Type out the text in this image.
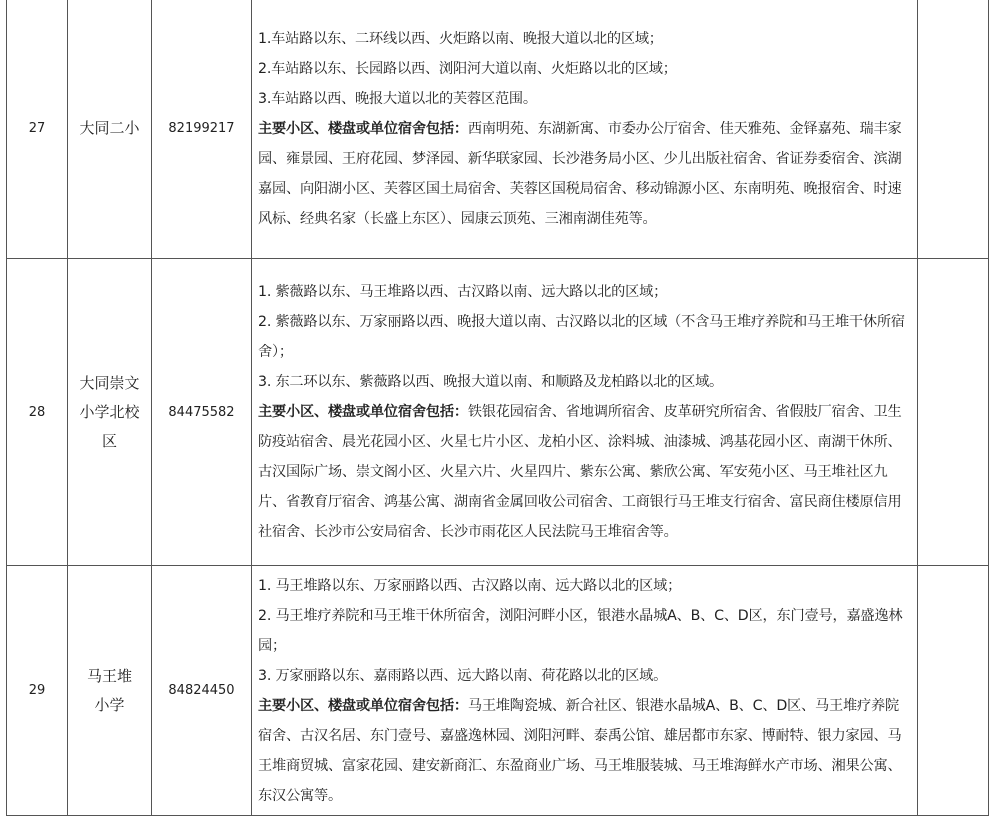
27	大同二小	82199217	1.车站路以东、二环线以西、火炬路以南、晚报大道以北的区域；

2.车站路以东、长园路以西、浏阳河大道以南、火炬路以北的区域；

3.车站路以西、晚报大道以北的芙蓉区范围。

主要小区、楼盘或单位宿舍包括：西南明苑、东湖新寓、市委办公厅宿舍、佳天雅苑、金铎嘉苑、瑞丰家园、雍景园、王府花园、梦泽园、新华联家园、长沙港务局小区、少儿出版社宿舍、省证券委宿舍、滨湖嘉园、向阳湖小区、芙蓉区国土局宿舍、芙蓉区国税局宿舍、移动锦源小区、东南明苑、晚报宿舍、时速风标、经典名家（长盛上东区）、园康云顶苑、三湘南湖佳苑等。	

28	大同崇文小学北校区	84475582	1. 紫薇路以东、马王堆路以西、古汉路以南、远大路以北的区域；

2. 紫薇路以东、万家丽路以西、晚报大道以南、古汉路以北的区域（不含马王堆疗养院和马王堆干休所宿舍）；

3. 东二环以东、紫薇路以西、晚报大道以南、和顺路及龙柏路以北的区域。

主要小区、楼盘或单位宿舍包括：铁银花园宿舍、省地调所宿舍、皮革研究所宿舍、省假肢厂宿舍、卫生防疫站宿舍、晨光花园小区、火星七片小区、龙柏小区、涂料城、油漆城、鸿基花园小区、南湖干休所、古汉国际广场、崇文阁小区、火星六片、火星四片、紫东公寓、紫欣公寓、军安苑小区、马王堆社区九片、省教育厅宿舍、鸿基公寓、湖南省金属回收公司宿舍、工商银行马王堆支行宿舍、富民商住楼原信用社宿舍、长沙市公安局宿舍、长沙市雨花区人民法院马王堆宿舍等。	

29	马王堆小学	84824450	1. 马王堆路以东、万家丽路以西、古汉路以南、远大路以北的区域；

2. 马王堆疗养院和马王堆干休所宿舍，浏阳河畔小区，银港水晶城A、B、C、D区，东门壹号，嘉盛逸林园；

3. 万家丽路以东、嘉雨路以西、远大路以南、荷花路以北的区域。

主要小区、楼盘或单位宿舍包括：马王堆陶瓷城、新合社区、银港水晶城A、B、C、D区、马王堆疗养院宿舍、古汉名居、东门壹号、嘉盛逸林园、浏阳河畔、泰禹公馆、雄居都市东家、博耐特、银力家园、马王堆商贸城、富家花园、建安新商汇、东盈商业广场、马王堆服装城、马王堆海鲜水产市场、湘果公寓、东汉公寓等。	
